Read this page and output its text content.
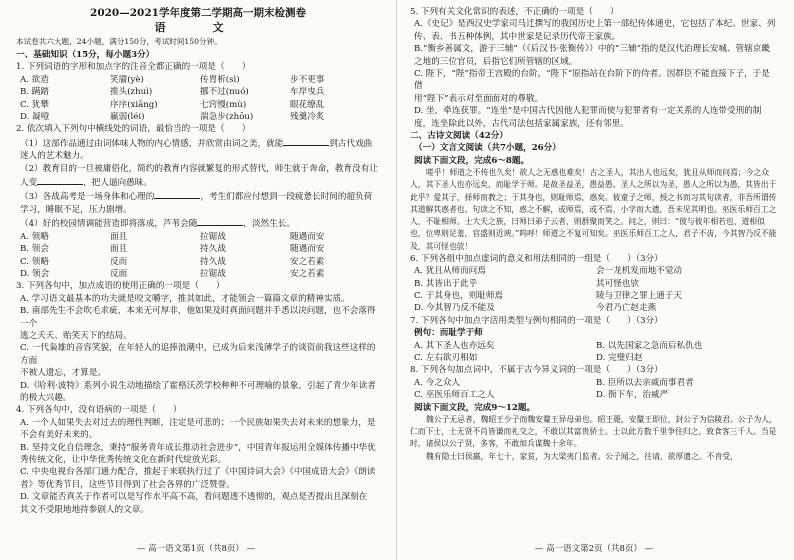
2020—2021学年度第二学期高一期末检测卷
语　文
本试卷共六大题，24小题，满分150分，考试时间150分钟。
一、基础知识（15分，每小题3分）
1. 下列词语的字形和加点字的注音全都正确的一项是（　　）
A. 欲造	笑靥(yè)	传胄析(sì)	步不更事
B. 蹒踏	推头(zhuì)	挪不过(nuó)	车岸曳兵
C. 犹攀	序序(xiāng)	七窍慢(mù)	眼花缭乱
D. 凝噎	羸弱(léi)	湍急步(zhōu)	残羹冷炙
2. 依次填入下列句中横线处的词语，最恰当的一项是（　　）
（1）这部作品通过由词体味人物的内心情感，并欣赏由词之美，就能	到古代戏曲迷人的艺术魅力。
（2）教育目的一旦被庸俗化，简约的教育内容就繁复的形式替代，师生就于奔命，教育没有让人变	，把人逼向愚昧。
（3）各战高考是一场身体和心理的	，考生们都应付想到一段疲惫长时间的超负荷学习，睡眠不足，压力剧增。
（4）好的校园情调能营造即将落成，芦苇会随	，淡然生长。
A. 领略	面且	拉锯战	随遇而安
B. 领会	面且	持久战	随遇而安
C. 领略	反而	持久战	安之若素
D. 领会	反面	拉锯战	安之若素
3. 下列各句中，加点成语的使用正确的一项是（　　）
A. 学习语文最基本的功夫就是咬文嚼字，推其如此，才能领会一篇篇文章的精神实质。
B. 南部先生不会吹毛求疵，本来无可厚非，他如果及时真面问题并手悉以决问题，也不会落得一个
逃之夭夭、贻笑天下的结局。
C. 一代枭雄的音容笑貌，在年轻人的追捧浪潮中，已成为后来浅薄学子的谈资前我这些这样的方面
不被人遗忘，才算是。
D.《哈利·波特》系列小说生动地描绘了霍格沃茨学校种种不可理喻的景象，引起了青少年读者
的极大兴趣。
4. 下列各句中，没有语病的一项是（　　）
A. 一个人如果失去对过去的理性判断，注定是可悲的；一个民族如果失去对未来的想象力，是
不会有美好未来的。
B. 坚持文化自信理念，秉持“服务青年成长推动社会进步”，中国青年报运用全媒体传播中华优
秀传统文化，让中华优秀传统文化在新时代绽放光彩。
C. 中央电视台各部门通力配合，推起于来联执行过了《中国诗词大会》《中国成语大会》《朗读
者》等优秀节目，这些节目得到了社会各界的广泛赞誉。
D. 文章能否真关于作者可以是写作水平高不高，看问题透不透彻的，观点是否提出且深刻在
其文不受限地地持参剧人的文章。
— 高一语文第1页（共8页） —
5. 下列有关文化常识的表述，不正确的一项是（　　）
A.《史记》是西汉史学家司马迁撰写的我国历史上第一部纪传体通史，它包括了本纪、世家、列
传、表、书五种体例，其中世家是记录历代帝王家族。
B.“衡乡善属文，游于三辅”（《后汉书·张衡传》）中的“三辅”指的是汉代治理长安城、管辖京畿
之地的三位官员，后指它们所管辖的区域。
C. 陛下，“陛”指帝王宫殿的台阶，“陛下”原指站在台阶下的侍者。因群臣不能直接下子，于是借
用“陛下”表示对至面面对的尊敬。
D. 坐，牵连获罪。“连坐”是中国古代因他人犯罪而使与犯罪者有一定关系的人连带受刑的制
度，连坐除此以外，古代司法包括家属家族，还有邻里。
二、古诗文阅读（42分）
（一）文言文阅读（共7小题，26分）
阅读下面文段，完成6～8题。
嗟乎！师道之不传也久矣！欲人之无惑也难矣！古之圣人，其出人也远矣，犹且从师而问焉；今之众人，其下圣人也亦远矣，而耻学于师。是故圣益圣，愚益愚。圣人之所以为圣，愚人之所以为愚，其皆出于此乎？爱其子，择师而教之；于其身也，则耻师焉，惑矣。彼童子之师，授之书而习其句读者，非吾所谓传其道解其惑者也。句读之不知，惑之不解，或师焉，或不焉，小学而大遗，吾未见其明也。巫医乐师百工之人，不耻相师。士大夫之族，曰师曰弟子云者，则群聚而笑之。问之，则曰：“彼与彼年相若也，道相似也，位卑则足羞，官盛则近谀。”呜呼！师道之不复可知矣。巫医乐师百工之人，君子不齿，今其智乃反不能及，其可怪也欤！
6. 下列各组中加点虚词的意义和用法相同的一组是（　　）（3分）
A. 犹且从师而问焉	会一龙机发而地不觉动
B. 其皆出于此乎	其可怪也欤
C. 于其身也，则耻师焉	陵与卫律之罪上通于天
D. 今其智乃反不能及	今君乃亡赵走燕
7. 下列各句中加点字活用类型与例句相同的一项是（　　）（3分）
例句：而耻学于师
A. 其下圣人也亦远矣	B. 以先国家之急而后私仇也
C. 左右欲刃相如	D. 完璧归赵
8. 下列各句加点词中，不属于古今异义词的一项是（　　）（3分）
A. 今之众人	B. 臣所以去亲戚而事君者
C. 巫医乐师百工之人	D. 衙下车，治威严
阅读下面文段，完成9～12题。
魏公子无忌者，魏昭王少子而魏安釐王异母弟也。昭王薨，安釐王即位，封公子为信陵君。公子为人，仁而下士，士无贤不肖皆谦而礼交之，不敢以其富贵骄士。士以此方数千里争往归之，致食客三千人。当是时，诸侯以公子贤，多客，不敢加兵谋魏十余年。
魏有隐士曰侯嬴，年七十，家贫，为大梁夷门监者。公子闻之，往请，欲厚遗之。不肯受，
— 高一语文第2页（共8页） —
